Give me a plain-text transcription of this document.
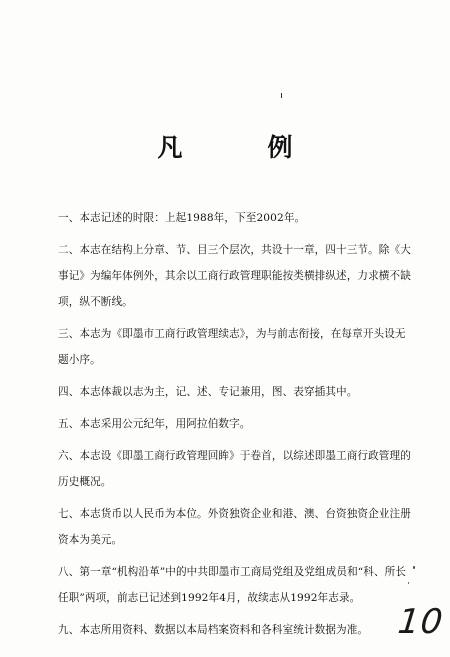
凡　例

一、本志记述的时限：上起1988年，下至2002年。

二、本志在结构上分章、节、目三个层次，共设十一章，四十三节。除《大事记》为编年体例外，其余以工商行政管理职能按类横排纵述，力求横不缺项，纵不断线。

三、本志为《即墨市工商行政管理续志》，为与前志衔接，在每章开头设无题小序。

四、本志体裁以志为主，记、述、专记兼用，图、表穿插其中。

五、本志采用公元纪年，用阿拉伯数字。

六、本志设《即墨工商行政管理回眸》于卷首，以综述即墨工商行政管理的历史概况。

七、本志货币以人民币为本位。外资独资企业和港、澳、台资独资企业注册资本为美元。

八、第一章“机构沿革”中的中共即墨市工商局党组及党组成员和“科、所长任职”两项，前志已记述到1992年4月，故续志从1992年志录。

九、本志所用资料、数据以本局档案资料和各科室统计数据为准。 10
